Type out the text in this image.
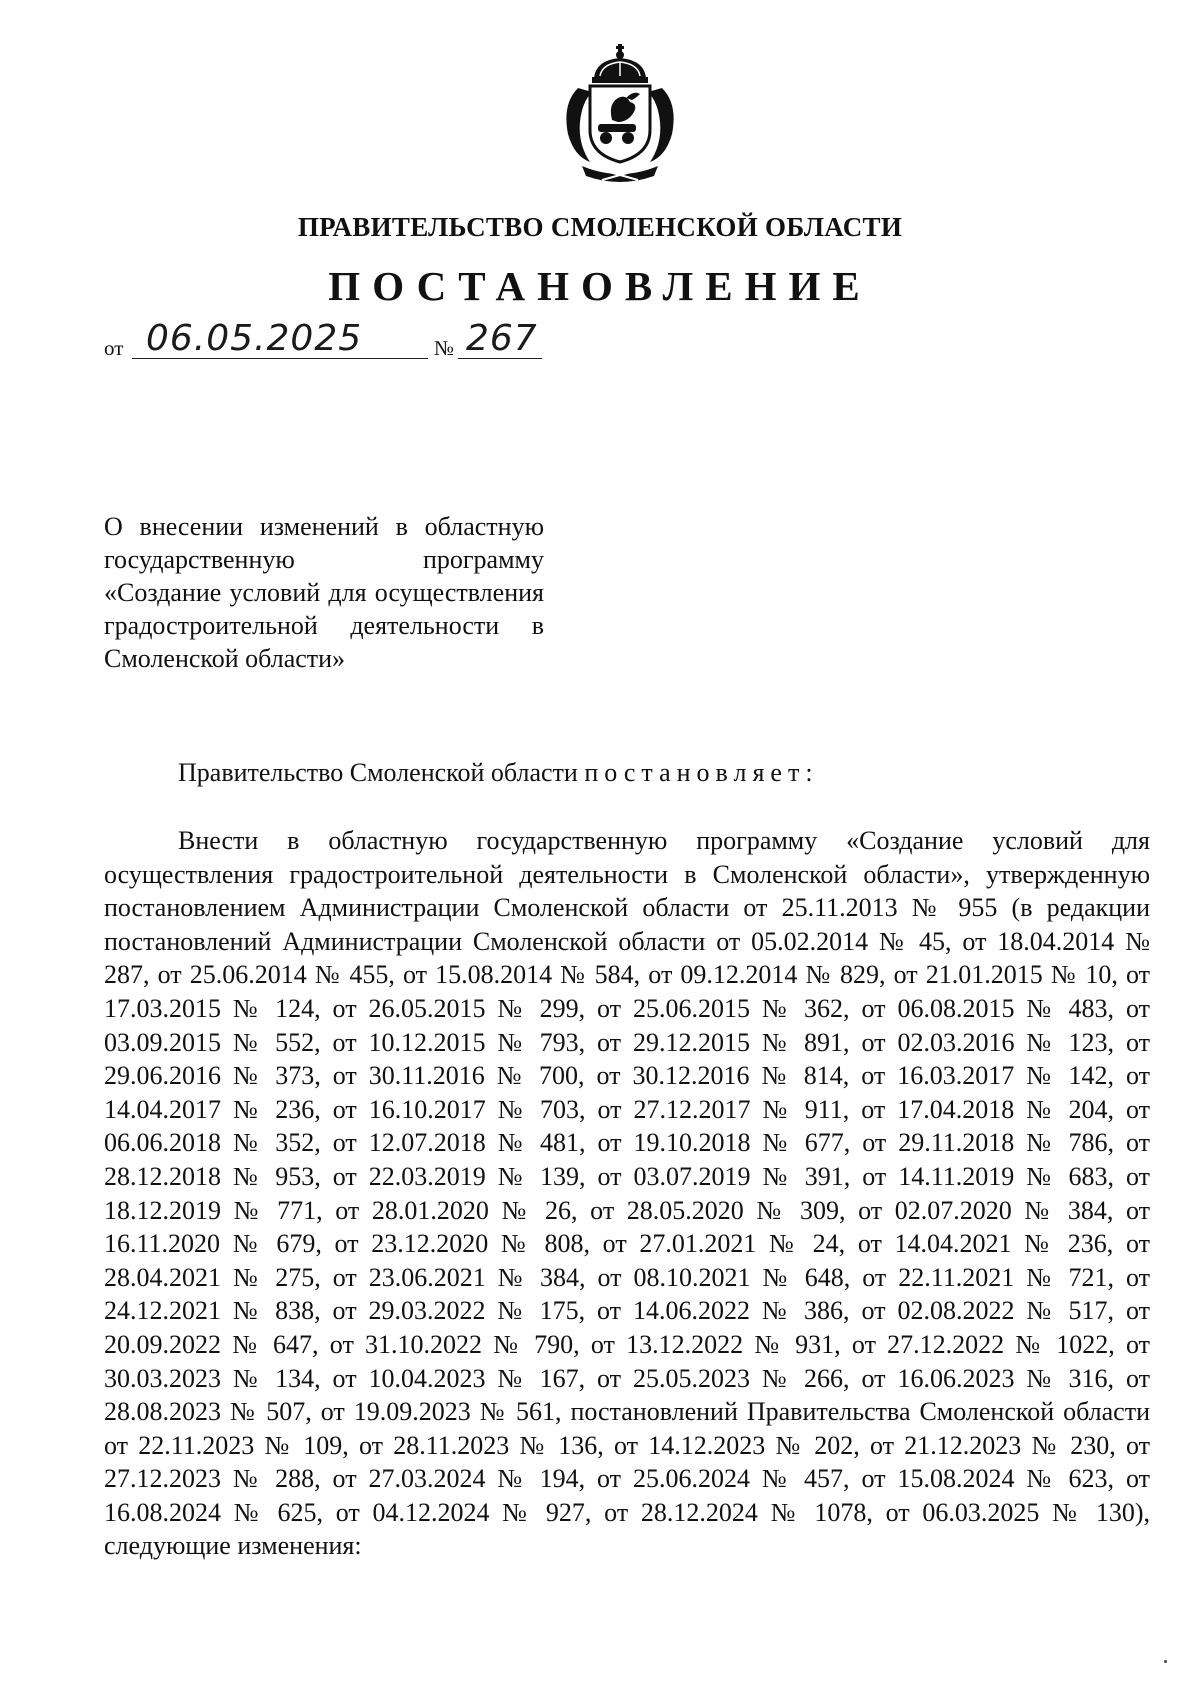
ПРАВИТЕЛЬСТВО СМОЛЕНСКОЙ ОБЛАСТИ
ПОСТАНОВЛЕНИЕ
от 06.05.2025	№ 267
О внесении изменений в областную государственную программу «Создание условий для осуществления градостроительной деятельности в Смоленской области»
Правительство Смоленской области постановляет:
Внести в областную государственную программу «Создание условий для осуществления градостроительной деятельности в Смоленской области», утвержденную постановлением Администрации Смоленской области от 25.11.2013 № 955 (в редакции постановлений Администрации Смоленской области от 05.02.2014 № 45, от 18.04.2014 № 287, от 25.06.2014 № 455, от 15.08.2014 № 584, от 09.12.2014 № 829, от 21.01.2015 № 10, от 17.03.2015 № 124, от 26.05.2015 № 299, от 25.06.2015 № 362, от 06.08.2015 № 483, от 03.09.2015 № 552, от 10.12.2015 № 793, от 29.12.2015 № 891, от 02.03.2016 № 123, от 29.06.2016 № 373, от 30.11.2016 № 700, от 30.12.2016 № 814, от 16.03.2017 № 142, от 14.04.2017 № 236, от 16.10.2017 № 703, от 27.12.2017 № 911, от 17.04.2018 № 204, от 06.06.2018 № 352, от 12.07.2018 № 481, от 19.10.2018 № 677, от 29.11.2018 № 786, от 28.12.2018 № 953, от 22.03.2019 № 139, от 03.07.2019 № 391, от 14.11.2019 № 683, от 18.12.2019 № 771, от 28.01.2020 № 26, от 28.05.2020 № 309, от 02.07.2020 № 384, от 16.11.2020 № 679, от 23.12.2020 № 808, от 27.01.2021 № 24, от 14.04.2021 № 236, от 28.04.2021 № 275, от 23.06.2021 № 384, от 08.10.2021 № 648, от 22.11.2021 № 721, от 24.12.2021 № 838, от 29.03.2022 № 175, от 14.06.2022 № 386, от 02.08.2022 № 517, от 20.09.2022 № 647, от 31.10.2022 № 790, от 13.12.2022 № 931, от 27.12.2022 № 1022, от 30.03.2023 № 134, от 10.04.2023 № 167, от 25.05.2023 № 266, от 16.06.2023 № 316, от 28.08.2023 № 507, от 19.09.2023 № 561, постановлений Правительства Смоленской области от 22.11.2023 № 109, от 28.11.2023 № 136, от 14.12.2023 № 202, от 21.12.2023 № 230, от 27.12.2023 № 288, от 27.03.2024 № 194, от 25.06.2024 № 457, от 15.08.2024 № 623, от 16.08.2024 № 625, от 04.12.2024 № 927, от 28.12.2024 № 1078, от 06.03.2025 № 130), следующие изменения:
